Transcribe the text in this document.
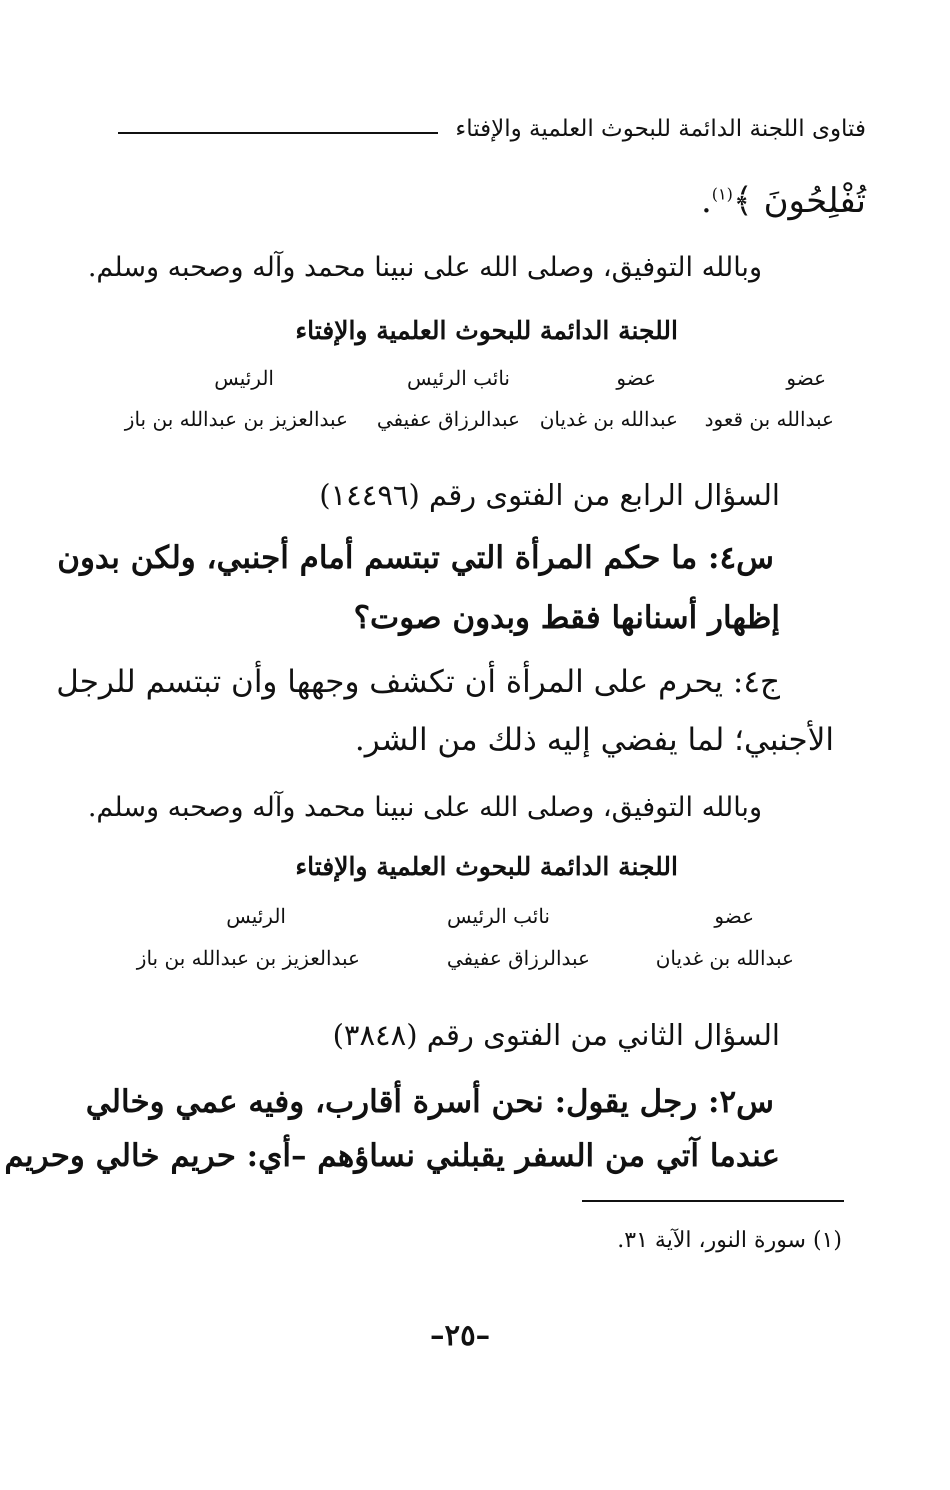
فتاوى اللجنة الدائمة للبحوث العلمية والإفتاء
تُفْلِحُونَ ﴾$^{(١)}$.
وبالله التوفيق، وصلى الله على نبينا محمد وآله وصحبه وسلم.
اللجنة الدائمة للبحوث العلمية والإفتاء
عضو
عضو
نائب الرئيس
الرئيس
عبدالله بن قعود
عبدالله بن غديان
عبدالرزاق عفيفي
عبدالعزيز بن عبدالله بن باز
السؤال الرابع من الفتوى رقم (١٤٤٩٦)
س٤: ما حكم المرأة التي تبتسم أمام أجنبي، ولكن بدون
إظهار أسنانها فقط وبدون صوت؟
ج٤: يحرم على المرأة أن تكشف وجهها وأن تبتسم للرجل
الأجنبي؛ لما يفضي إليه ذلك من الشر.
وبالله التوفيق، وصلى الله على نبينا محمد وآله وصحبه وسلم.
اللجنة الدائمة للبحوث العلمية والإفتاء
عضو
نائب الرئيس
الرئيس
عبدالله بن غديان
عبدالرزاق عفيفي
عبدالعزيز بن عبدالله بن باز
السؤال الثاني من الفتوى رقم (٣٨٤٨)
س٢: رجل يقول: نحن أسرة أقارب، وفيه عمي وخالي
عندما آتي من السفر يقبلني نساؤهم –أي: حريم خالي وحريم
(١) سورة النور، الآية ٣١.
–٢٥–
